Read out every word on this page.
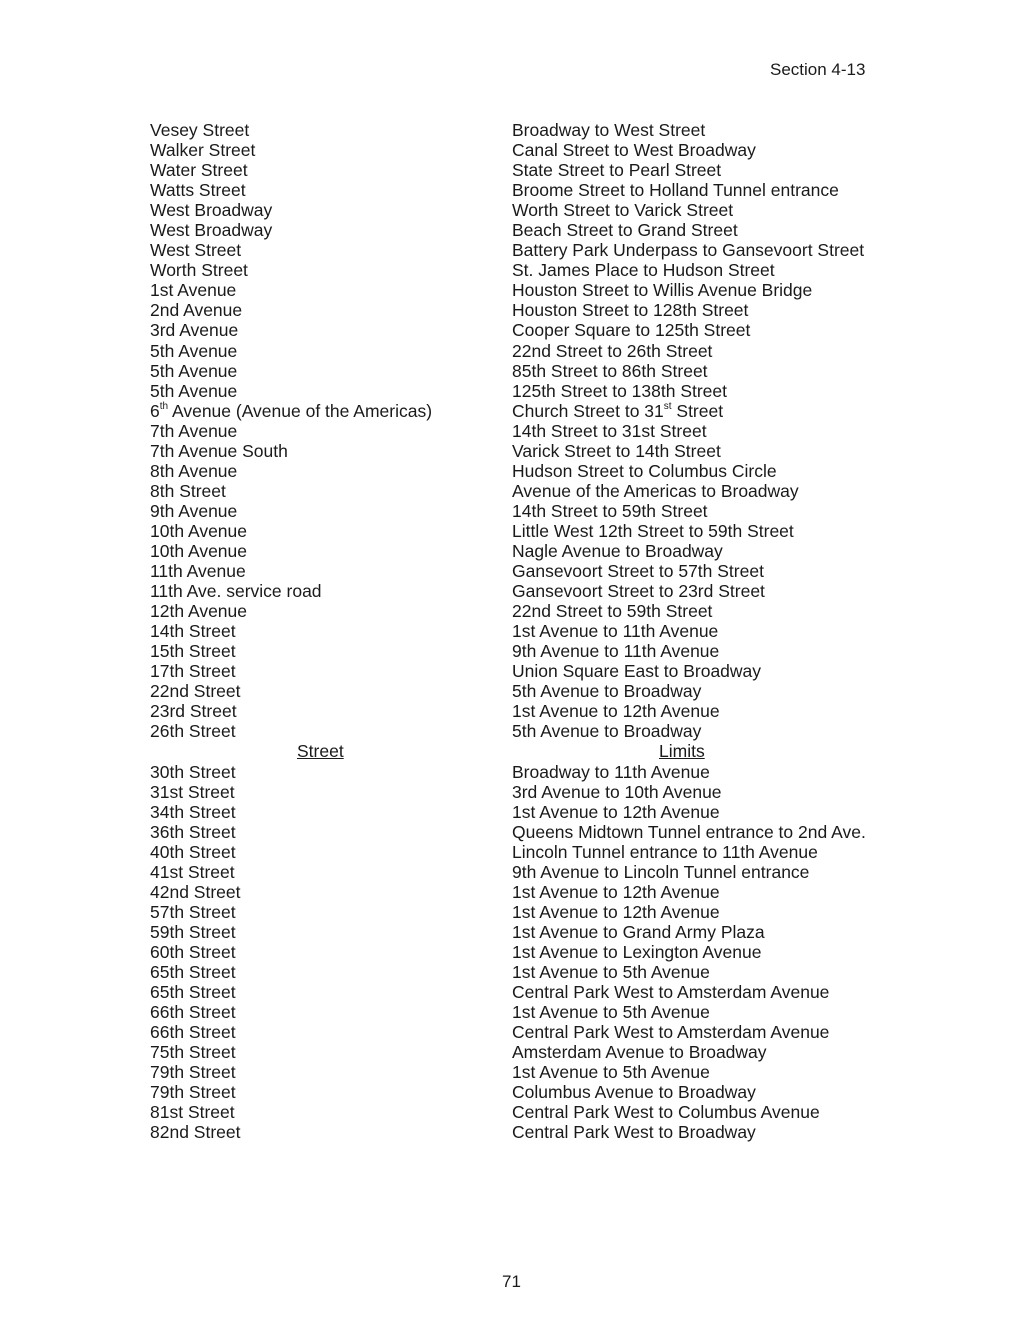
Section 4-13
Vesey Street	Broadway to West Street
Walker Street	Canal Street to West Broadway
Water Street	State Street to Pearl Street
Watts Street	Broome Street to Holland Tunnel entrance
West Broadway	Worth Street to Varick Street
West Broadway	Beach Street to Grand Street
West Street	Battery Park Underpass to Gansevoort Street
Worth Street	St. James Place to Hudson Street
1st Avenue	Houston Street to Willis Avenue Bridge
2nd Avenue	Houston Street to 128th Street
3rd Avenue	Cooper Square to 125th Street
5th Avenue	22nd Street to 26th Street
5th Avenue	85th Street to 86th Street
5th Avenue	125th Street to 138th Street
6th Avenue (Avenue of the Americas)	Church Street to 31st Street
7th Avenue	14th Street to 31st Street
7th Avenue South	Varick Street to 14th Street
8th Avenue	Hudson Street to Columbus Circle
8th Street	Avenue of the Americas to Broadway
9th Avenue	14th Street to 59th Street
10th Avenue	Little West 12th Street to 59th Street
10th Avenue	Nagle Avenue to Broadway
11th Avenue	Gansevoort Street to 57th Street
11th Ave. service road	Gansevoort Street to 23rd Street
12th Avenue	22nd Street to 59th Street
14th Street	1st Avenue to 11th Avenue
15th Street	9th Avenue to 11th Avenue
17th Street	Union Square East to Broadway
22nd Street	5th Avenue to Broadway
23rd Street	1st Avenue to 12th Avenue
26th Street	5th Avenue to Broadway
Street	Limits
30th Street	Broadway to 11th Avenue
31st Street	3rd Avenue to 10th Avenue
34th Street	1st Avenue to 12th Avenue
36th Street	Queens Midtown Tunnel entrance to 2nd Ave.
40th Street	Lincoln Tunnel entrance to 11th Avenue
41st Street	9th Avenue to Lincoln Tunnel entrance
42nd Street	1st Avenue to 12th Avenue
57th Street	1st Avenue to 12th Avenue
59th Street	1st Avenue to Grand Army Plaza
60th Street	1st Avenue to Lexington Avenue
65th Street	1st Avenue to 5th Avenue
65th Street	Central Park West to Amsterdam Avenue
66th Street	1st Avenue to 5th Avenue
66th Street	Central Park West to Amsterdam Avenue
75th Street	Amsterdam Avenue to Broadway
79th Street	1st Avenue to 5th Avenue
79th Street	Columbus Avenue to Broadway
81st Street	Central Park West to Columbus Avenue
82nd Street	Central Park West to Broadway
71
